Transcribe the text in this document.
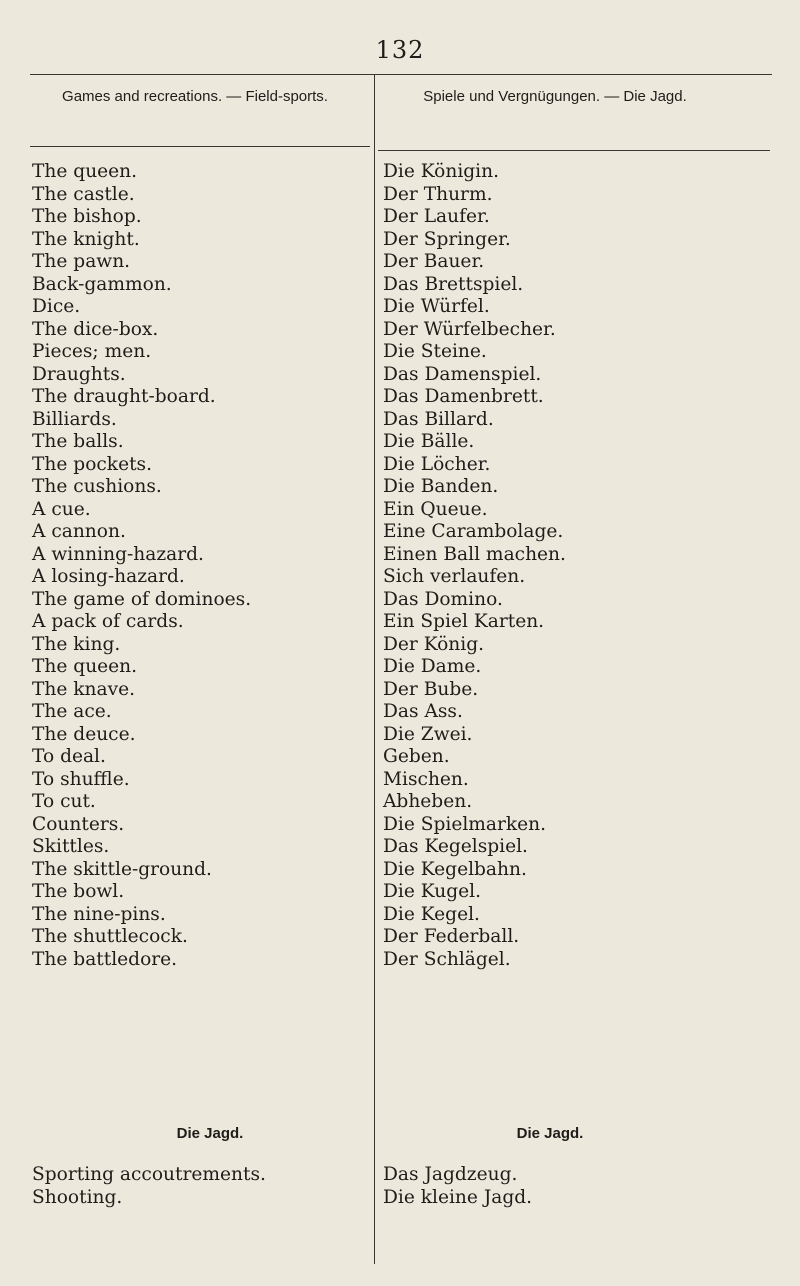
132
Games and recreations. — Field-sports.	Spiele und Vergnügungen. — Die Jagd.
The queen.
The castle.
The bishop.
The knight.
The pawn.
Back-gammon.
Dice.
The dice-box.
Pieces; men.
Draughts.
The draught-board.
Billiards.
The balls.
The pockets.
The cushions.
A cue.
A cannon.
A winning-hazard.
A losing-hazard.
The game of dominoes.
A pack of cards.
The king.
The queen.
The knave.
The ace.
The deuce.
To deal.
To shuffle.
To cut.
Counters.
Skittles.
The skittle-ground.
The bowl.
The nine-pins.
The shuttlecock.
The battledore.
Die Königin.
Der Thurm.
Der Laufer.
Der Springer.
Der Bauer.
Das Brettspiel.
Die Würfel.
Der Würfelbecher.
Die Steine.
Das Damenspiel.
Das Damenbrett.
Das Billard.
Die Bälle.
Die Löcher.
Die Banden.
Ein Queue.
Eine Carambolage.
Einen Ball machen.
Sich verlaufen.
Das Domino.
Ein Spiel Karten.
Der König.
Die Dame.
Der Bube.
Das Ass.
Die Zwei.
Geben.
Mischen.
Abheben.
Die Spielmarken.
Das Kegelspiel.
Die Kegelbahn.
Die Kugel.
Die Kegel.
Der Federball.
Der Schlägel.
Die Jagd.	Die Jagd.
Sporting accoutrements.
Shooting.
Das Jagdzeug.
Die kleine Jagd.
